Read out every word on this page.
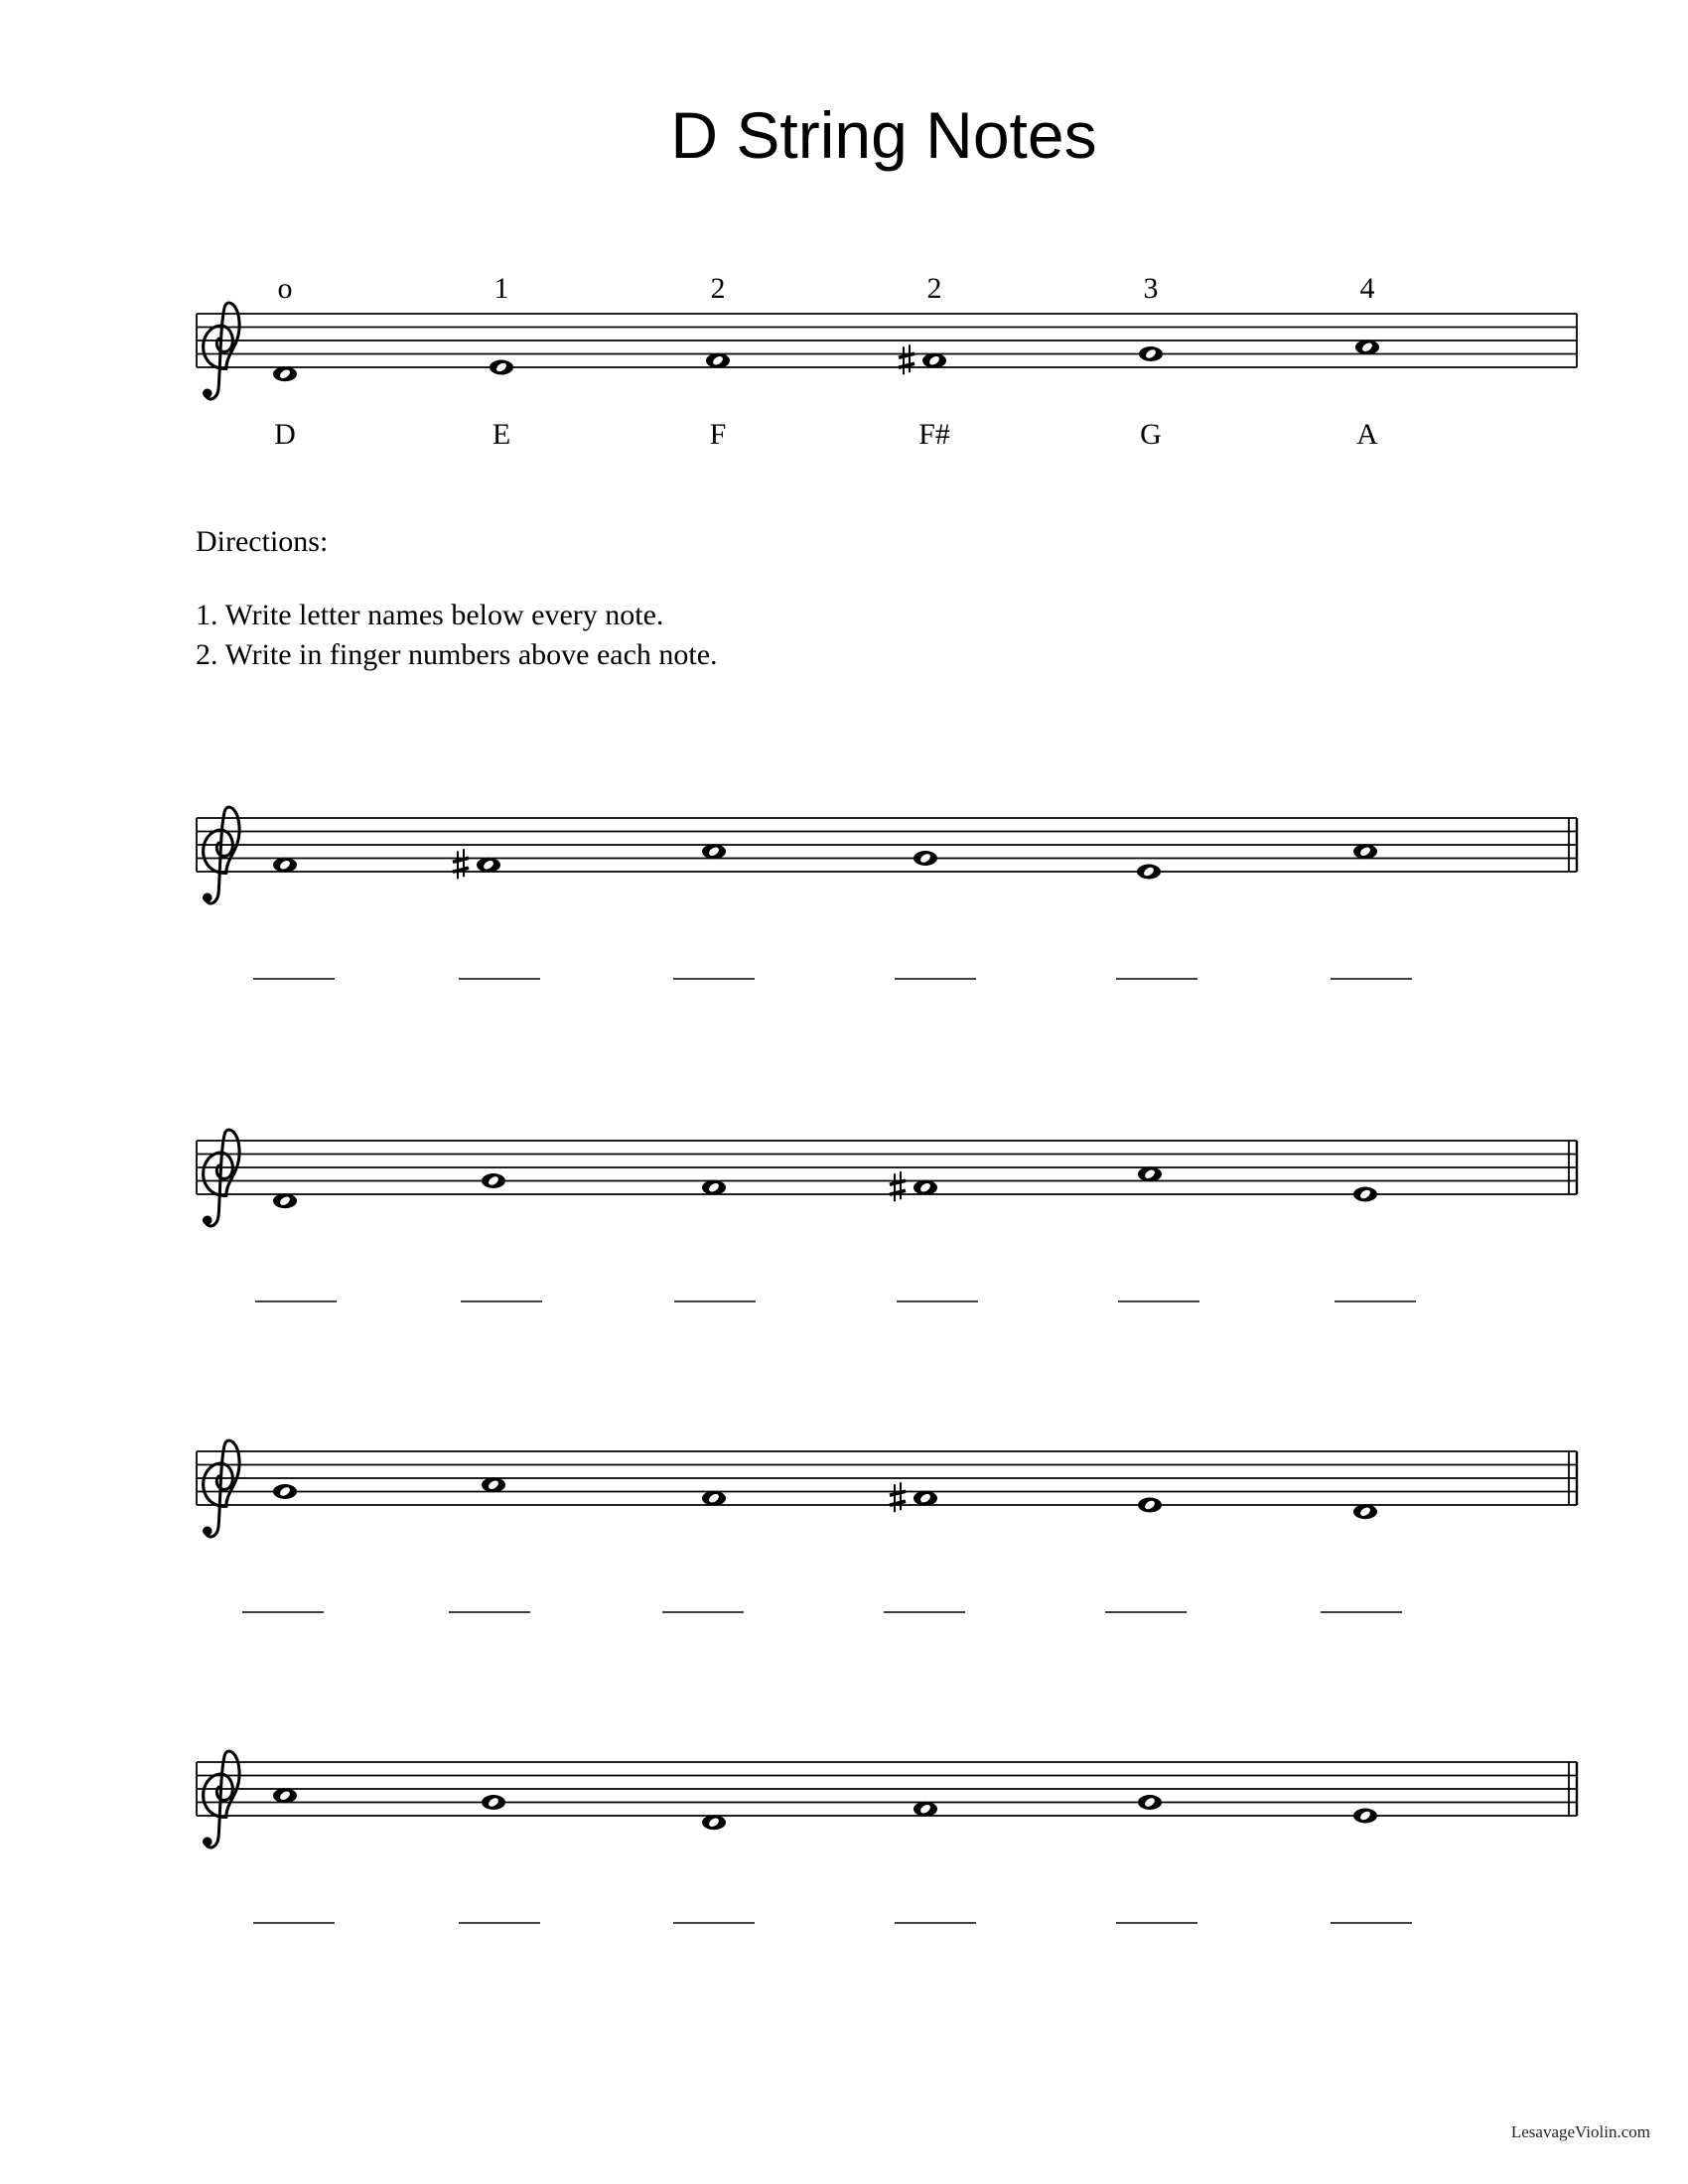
D String Notes
o	1	2	2	3	4
D	E	F	F#	G	A
Directions:
1. Write letter names below every note.
2. Write in finger numbers above each note.
LesavageViolin.com
